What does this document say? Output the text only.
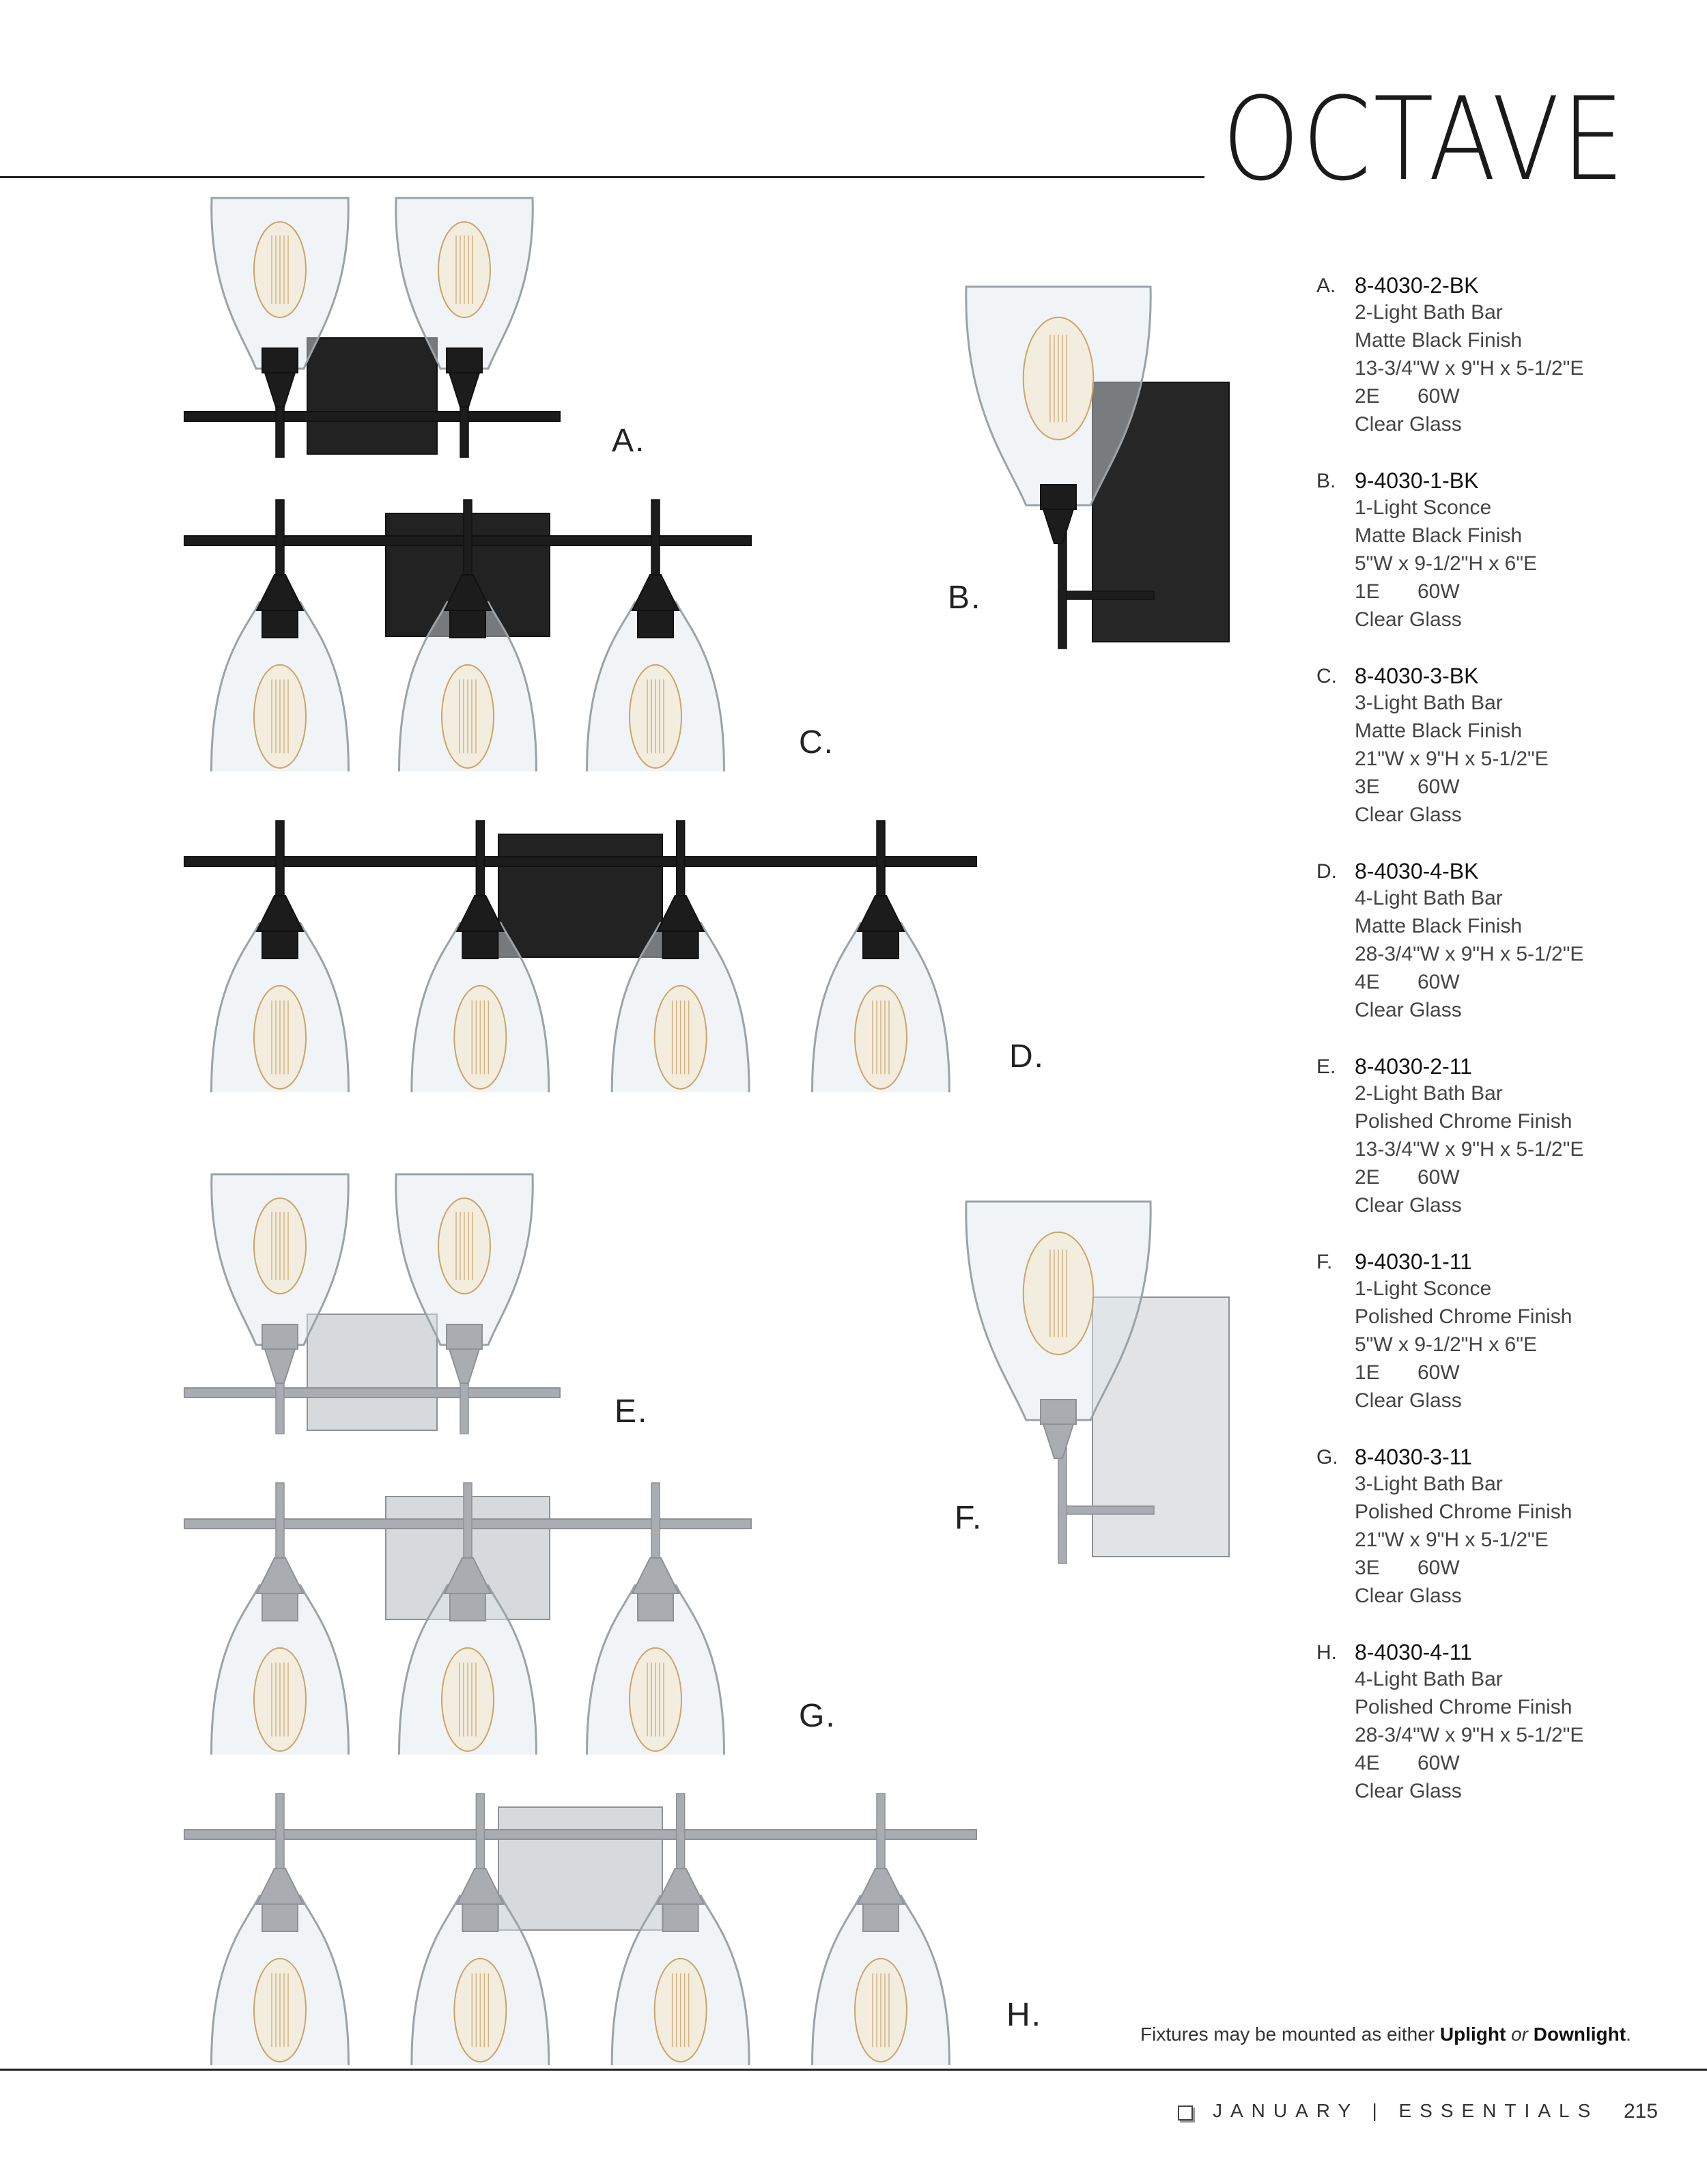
OCTAVE
A.
B.
C.
D.
E.
F.
G.
H.
A. 8-4030-2-BK
2-Light Bath Bar
Matte Black Finish
13-3/4"W x 9"H x 5-1/2"E
2E 60W
Clear Glass
B. 9-4030-1-BK
1-Light Sconce
Matte Black Finish
5"W x 9-1/2"H x 6"E
1E 60W
Clear Glass
C. 8-4030-3-BK
3-Light Bath Bar
Matte Black Finish
21"W x 9"H x 5-1/2"E
3E 60W
Clear Glass
D. 8-4030-4-BK
4-Light Bath Bar
Matte Black Finish
28-3/4"W x 9"H x 5-1/2"E
4E 60W
Clear Glass
E. 8-4030-2-11
2-Light Bath Bar
Polished Chrome Finish
13-3/4"W x 9"H x 5-1/2"E
2E 60W
Clear Glass
F. 9-4030-1-11
1-Light Sconce
Polished Chrome Finish
5"W x 9-1/2"H x 6"E
1E 60W
Clear Glass
G. 8-4030-3-11
3-Light Bath Bar
Polished Chrome Finish
21"W x 9"H x 5-1/2"E
3E 60W
Clear Glass
H. 8-4030-4-11
4-Light Bath Bar
Polished Chrome Finish
28-3/4"W x 9"H x 5-1/2"E
4E 60W
Clear Glass
Fixtures may be mounted as either Uplight or Downlight.
JANUARY | ESSENTIALS 215
